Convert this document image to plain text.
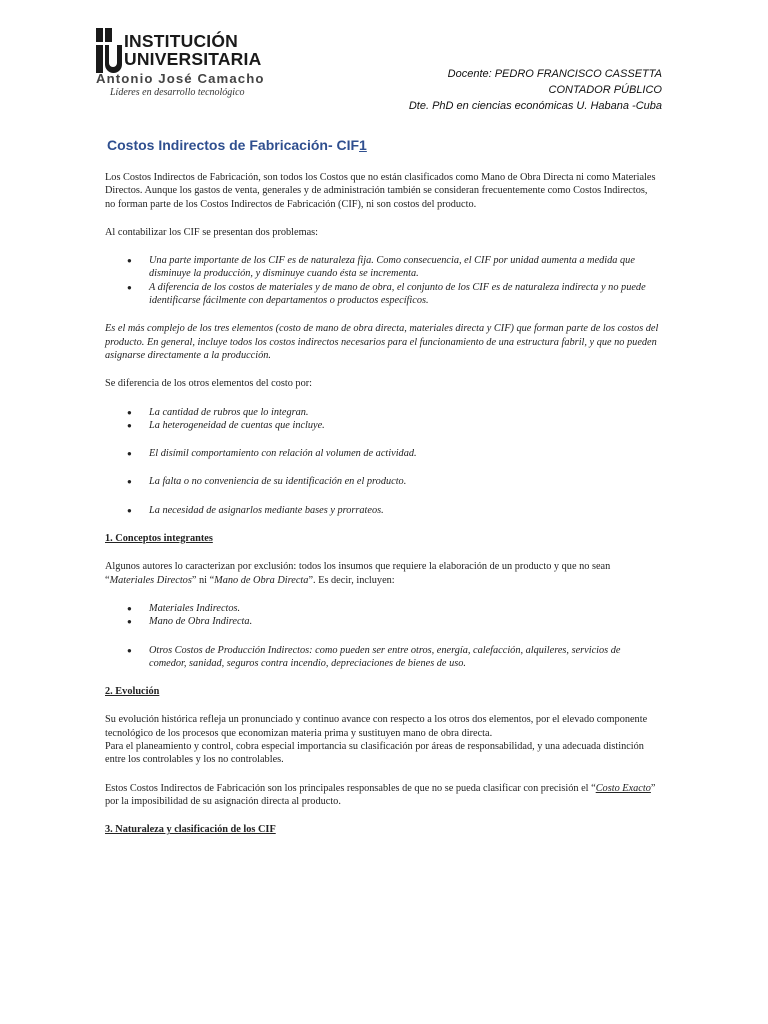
INSTITUCIÓN
UNIVERSITARIA
Antonio José Camacho
Líderes en desarrollo tecnológico
Docente: PEDRO FRANCISCO CASSETTA
CONTADOR PÚBLICO
Dte. PhD en ciencias económicas U. Habana -Cuba
Costos Indirectos de Fabricación- CIF1

Los Costos Indirectos de Fabricación, son todos los Costos que no están clasificados como Mano de Obra Directa ni como Materiales Directos. Aunque los gastos de venta, generales y de administración también se consideran frecuentemente como Costos Indirectos, no forman parte de los Costos Indirectos de Fabricación (CIF), ni son costos del producto.

Al contabilizar los CIF se presentan dos problemas:

● Una parte importante de los CIF es de naturaleza fija. Como consecuencia, el CIF por unidad aumenta a medida que disminuye la producción, y disminuye cuando ésta se incrementa.
● A diferencia de los costos de materiales y de mano de obra, el conjunto de los CIF es de naturaleza indirecta y no puede identificarse fácilmente con departamentos o productos específicos.

Es el más complejo de los tres elementos (costo de mano de obra directa, materiales directa y CIF) que forman parte de los costos del producto. En general, incluye todos los costos indirectos necesarios para el funcionamiento de una estructura fabril, y que no pueden asignarse directamente a la producción.

Se diferencia de los otros elementos del costo por:

● La cantidad de rubros que lo integran.
● La heterogeneidad de cuentas que incluye.
● El disímil comportamiento con relación al volumen de actividad.
● La falta o no conveniencia de su identificación en el producto.
● La necesidad de asignarlos mediante bases y prorrateos.

1. Conceptos integrantes

Algunos autores lo caracterizan por exclusión: todos los insumos que requiere la elaboración de un producto y que no sean “Materiales Directos” ni “Mano de Obra Directa”. Es decir, incluyen:

● Materiales Indirectos.
● Mano de Obra Indirecta.
● Otros Costos de Producción Indirectos: como pueden ser entre otros, energía, calefacción, alquileres, servicios de comedor, sanidad, seguros contra incendio, depreciaciones de bienes de uso.

2. Evolución

Su evolución histórica refleja un pronunciado y continuo avance con respecto a los otros dos elementos, por el elevado componente tecnológico de los procesos que economizan materia prima y sustituyen mano de obra directa.

Para el planeamiento y control, cobra especial importancia su clasificación por áreas de responsabilidad, y una adecuada distinción entre los controlables y los no controlables.

Estos Costos Indirectos de Fabricación son los principales responsables de que no se pueda clasificar con precisión el “Costo Exacto” por la imposibilidad de su asignación directa al producto.

3. Naturaleza y clasificación de los CIF
